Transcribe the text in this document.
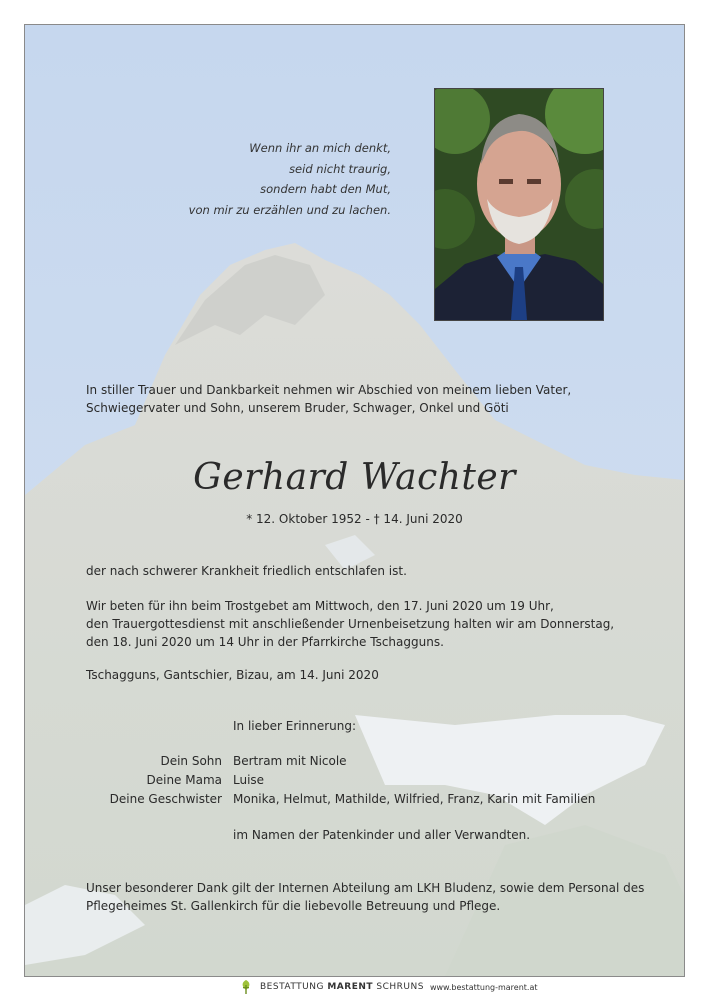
Wenn ihr an mich denkt,
seid nicht traurig,
sondern habt den Mut,
von mir zu erzählen und zu lachen.
In stiller Trauer und Dankbarkeit nehmen wir Abschied von meinem lieben Vater,
Schwiegervater und Sohn, unserem Bruder, Schwager, Onkel und Göti
Gerhard Wachter
* 12. Oktober 1952 - † 14. Juni 2020
der nach schwerer Krankheit friedlich entschlafen ist.
Wir beten für ihn beim Trostgebet am Mittwoch, den 17. Juni 2020 um 19 Uhr,
den Trauergottesdienst mit anschließender Urnenbeisetzung halten wir am Donnerstag,
den 18. Juni 2020 um 14 Uhr in der Pfarrkirche Tschagguns.
Tschagguns, Gantschier, Bizau, am 14. Juni 2020
In lieber Erinnerung:
Dein Sohn Bertram mit Nicole
Deine Mama Luise
Deine Geschwister Monika, Helmut, Mathilde, Wilfried, Franz, Karin mit Familien
im Namen der Patenkinder und aller Verwandten.
Unser besonderer Dank gilt der Internen Abteilung am LKH Bludenz, sowie dem Personal des
Pflegeheimes St. Gallenkirch für die liebevolle Betreuung und Pflege.
BESTATTUNG MARENT SCHRUNS www.bestattung-marent.at
